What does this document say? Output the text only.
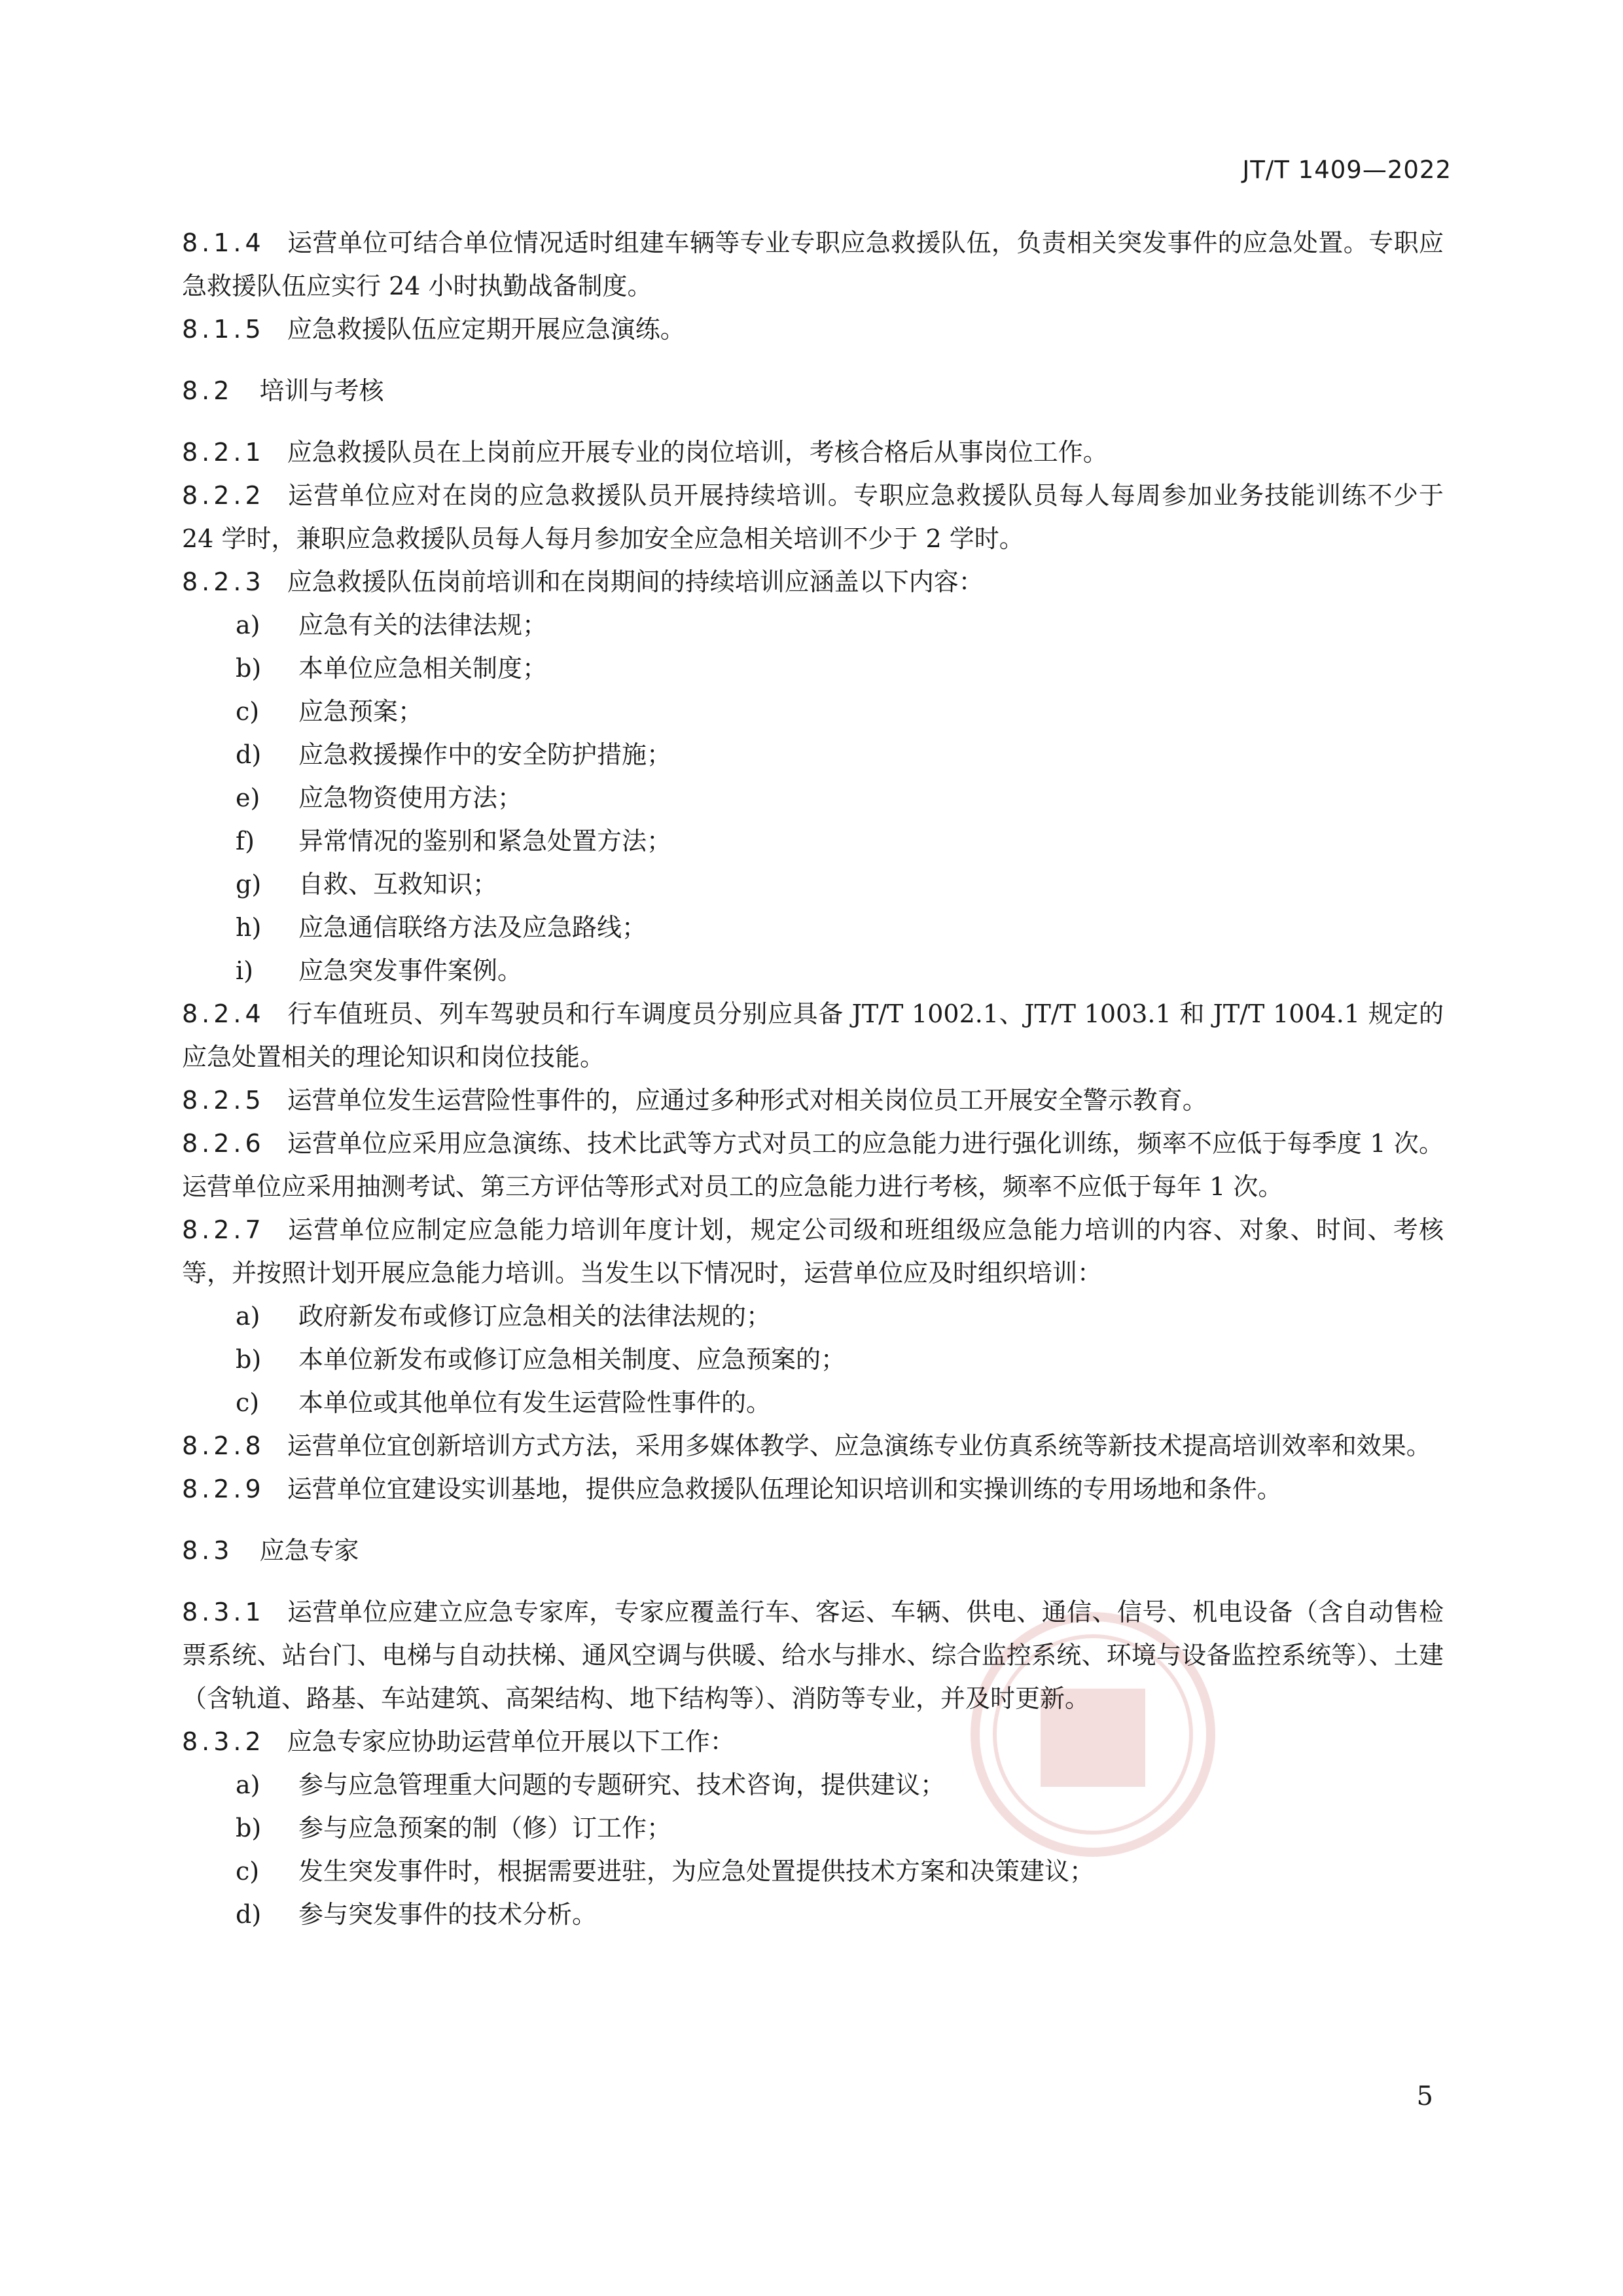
JT/T 1409—2022

8.1.4 运营单位可结合单位情况适时组建车辆等专业专职应急救援队伍，负责相关突发事件的应急处置。专职应急救援队伍应实行 24 小时执勤战备制度。

8.1.5 应急救援队伍应定期开展应急演练。

8.2 培训与考核

8.2.1 应急救援队员在上岗前应开展专业的岗位培训，考核合格后从事岗位工作。

8.2.2 运营单位应对在岗的应急救援队员开展持续培训。专职应急救援队员每人每周参加业务技能训练不少于 24 学时，兼职应急救援队员每人每月参加安全应急相关培训不少于 2 学时。

8.2.3 应急救援队伍岗前培训和在岗期间的持续培训应涵盖以下内容：

a) 应急有关的法律法规；

b) 本单位应急相关制度；

c) 应急预案；

d) 应急救援操作中的安全防护措施；

e) 应急物资使用方法；

f) 异常情况的鉴别和紧急处置方法；

g) 自救、互救知识；

h) 应急通信联络方法及应急路线；

i) 应急突发事件案例。

8.2.4 行车值班员、列车驾驶员和行车调度员分别应具备 JT/T 1002.1、JT/T 1003.1 和 JT/T 1004.1 规定的应急处置相关的理论知识和岗位技能。

8.2.5 运营单位发生运营险性事件的，应通过多种形式对相关岗位员工开展安全警示教育。

8.2.6 运营单位应采用应急演练、技术比武等方式对员工的应急能力进行强化训练，频率不应低于每季度 1 次。运营单位应采用抽测考试、第三方评估等形式对员工的应急能力进行考核，频率不应低于每年 1 次。

8.2.7 运营单位应制定应急能力培训年度计划，规定公司级和班组级应急能力培训的内容、对象、时间、考核等，并按照计划开展应急能力培训。当发生以下情况时，运营单位应及时组织培训：

a) 政府新发布或修订应急相关的法律法规的；

b) 本单位新发布或修订应急相关制度、应急预案的；

c) 本单位或其他单位有发生运营险性事件的。

8.2.8 运营单位宜创新培训方式方法，采用多媒体教学、应急演练专业仿真系统等新技术提高培训效率和效果。

8.2.9 运营单位宜建设实训基地，提供应急救援队伍理论知识培训和实操训练的专用场地和条件。

8.3 应急专家

8.3.1 运营单位应建立应急专家库，专家应覆盖行车、客运、车辆、供电、通信、信号、机电设备（含自动售检票系统、站台门、电梯与自动扶梯、通风空调与供暖、给水与排水、综合监控系统、环境与设备监控系统等）、土建（含轨道、路基、车站建筑、高架结构、地下结构等）、消防等专业，并及时更新。

8.3.2 应急专家应协助运营单位开展以下工作：

a) 参与应急管理重大问题的专题研究、技术咨询，提供建议；

b) 参与应急预案的制（修）订工作；

c) 发生突发事件时，根据需要进驻，为应急处置提供技术方案和决策建议；

d) 参与突发事件的技术分析。

5
